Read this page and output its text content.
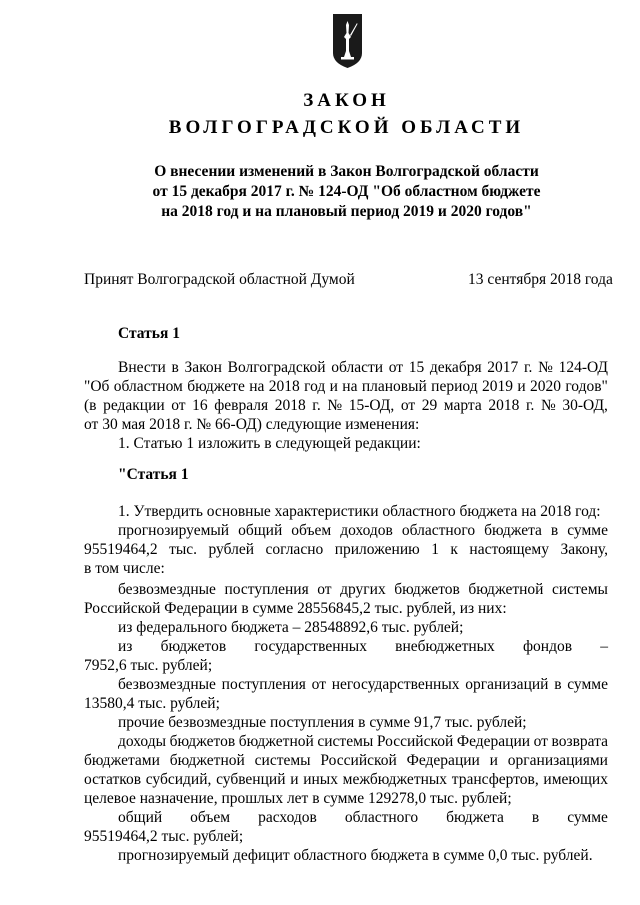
ЗАКОН
ВОЛГОГРАДСКОЙ ОБЛАСТИ
О внесении изменений в Закон Волгоградской области
от 15 декабря 2017 г. № 124-ОД "Об областном бюджете
на 2018 год и на плановый период 2019 и 2020 годов"
Принят Волгоградской областной Думой	13 сентября 2018 года
Статья 1
Внести в Закон Волгоградской области от 15 декабря 2017 г. № 124-ОД
"Об областном бюджете на 2018 год и на плановый период 2019 и 2020 годов"
(в редакции от 16 февраля 2018 г. № 15-ОД, от 29 марта 2018 г. № 30-ОД,
от 30 мая 2018 г. № 66-ОД) следующие изменения:
1. Статью 1 изложить в следующей редакции:
"Статья 1
1. Утвердить основные характеристики областного бюджета на 2018 год:
прогнозируемый общий объем доходов областного бюджета в сумме
95519464,2 тыс. рублей согласно приложению 1 к настоящему Закону,
в том числе:
безвозмездные поступления от других бюджетов бюджетной системы
Российской Федерации в сумме 28556845,2 тыс. рублей, из них:
из федерального бюджета – 28548892,6 тыс. рублей;
из бюджетов государственных внебюджетных фондов –
7952,6 тыс. рублей;
безвозмездные поступления от негосударственных организаций в сумме
13580,4 тыс. рублей;
прочие безвозмездные поступления в сумме 91,7 тыс. рублей;
доходы бюджетов бюджетной системы Российской Федерации от возврата
бюджетами бюджетной системы Российской Федерации и организациями
остатков субсидий, субвенций и иных межбюджетных трансфертов, имеющих
целевое назначение, прошлых лет в сумме 129278,0 тыс. рублей;
общий объем расходов областного бюджета в сумме
95519464,2 тыс. рублей;
прогнозируемый дефицит областного бюджета в сумме 0,0 тыс. рублей.
